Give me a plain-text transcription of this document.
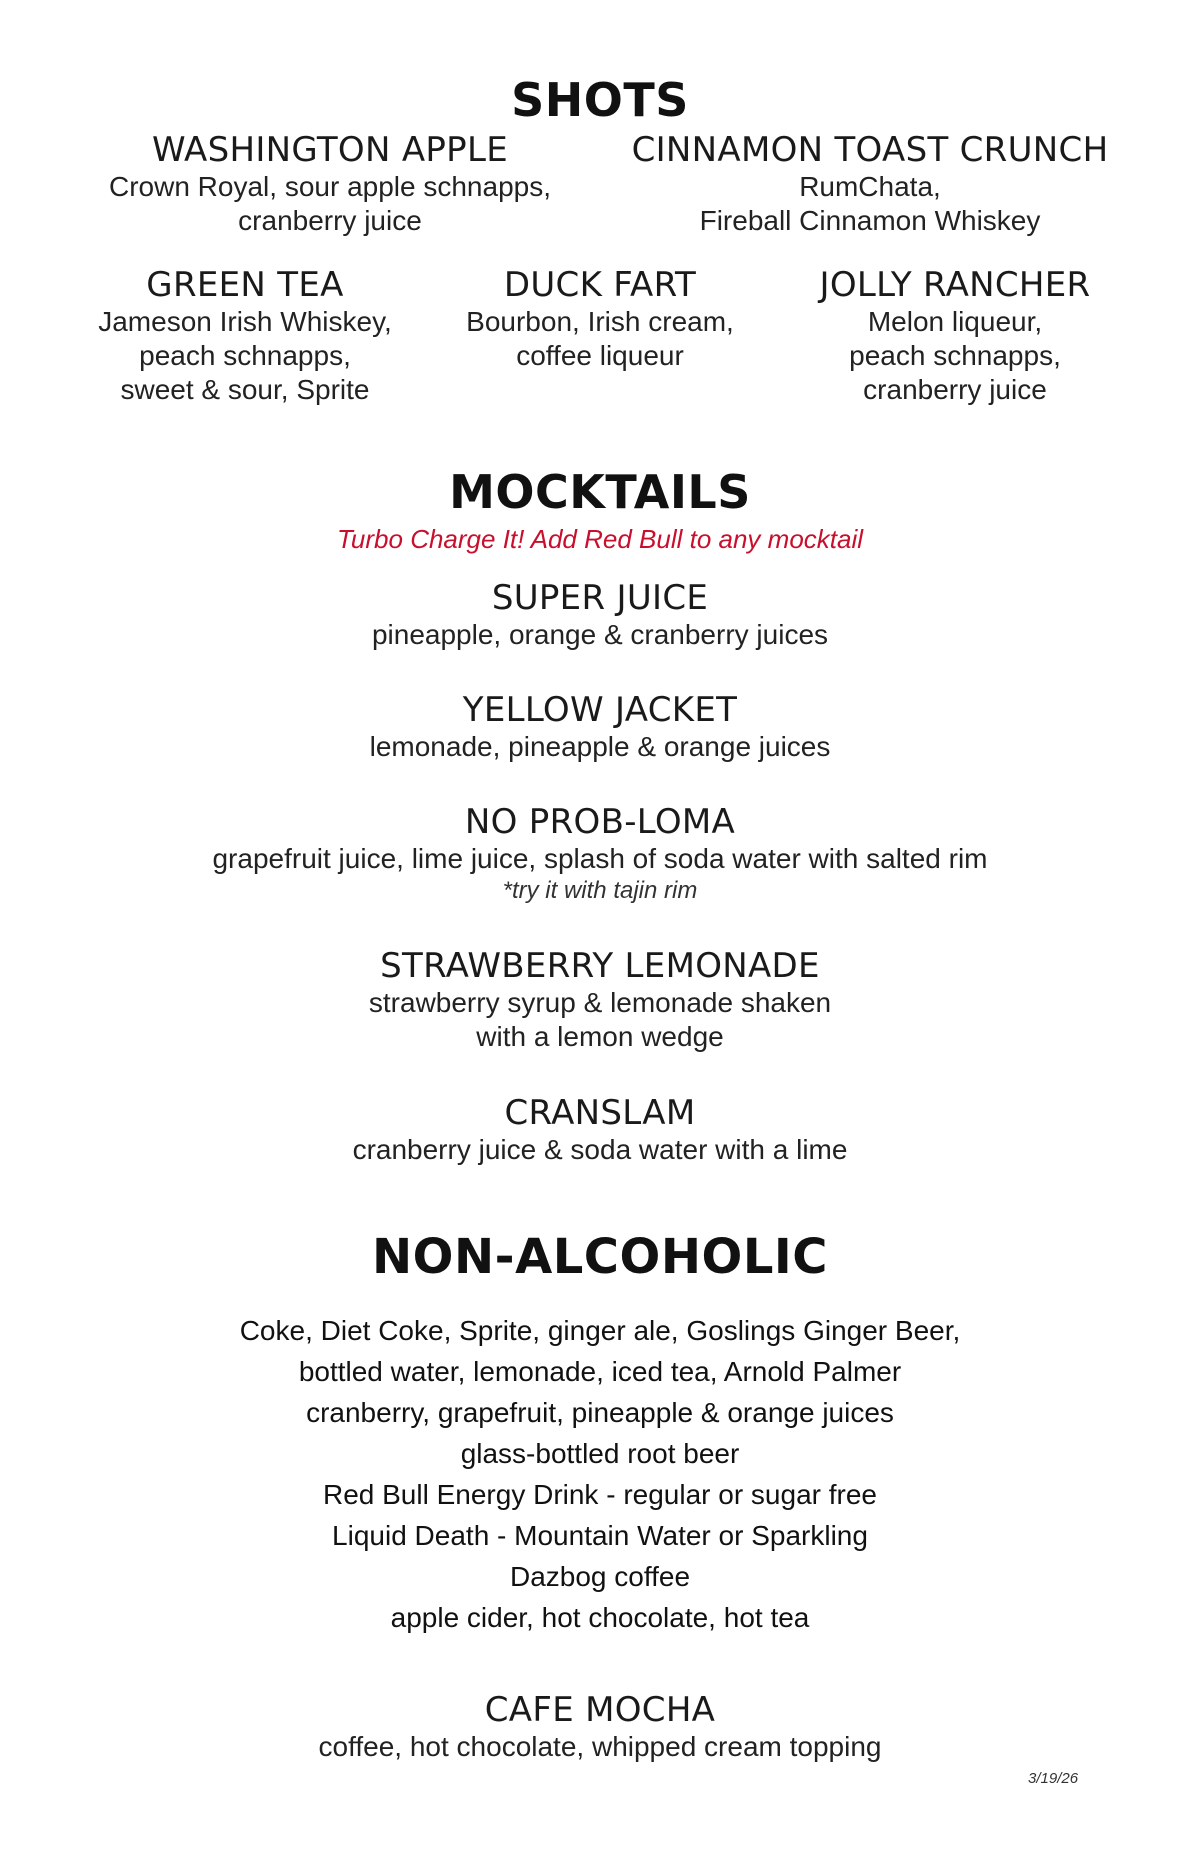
SHOTS
WASHINGTON APPLE
Crown Royal, sour apple schnapps,
cranberry juice
CINNAMON TOAST CRUNCH
RumChata,
Fireball Cinnamon Whiskey
GREEN TEA
Jameson Irish Whiskey,
peach schnapps,
sweet & sour, Sprite
DUCK FART
Bourbon, Irish cream,
coffee liqueur
JOLLY RANCHER
Melon liqueur,
peach schnapps,
cranberry juice
MOCKTAILS
Turbo Charge It! Add Red Bull to any mocktail
SUPER JUICE
pineapple, orange & cranberry juices
YELLOW JACKET
lemonade, pineapple & orange juices
NO PROB-LOMA
grapefruit juice, lime juice, splash of soda water with salted rim
*try it with tajin rim
STRAWBERRY LEMONADE
strawberry syrup & lemonade shaken
with a lemon wedge
CRANSLAM
cranberry juice & soda water with a lime
NON-ALCOHOLIC
Coke, Diet Coke, Sprite, ginger ale, Goslings Ginger Beer,
bottled water, lemonade, iced tea, Arnold Palmer
cranberry, grapefruit, pineapple & orange juices
glass-bottled root beer
Red Bull Energy Drink - regular or sugar free
Liquid Death - Mountain Water or Sparkling
Dazbog coffee
apple cider, hot chocolate, hot tea
CAFE MOCHA
coffee, hot chocolate, whipped cream topping
3/19/26
